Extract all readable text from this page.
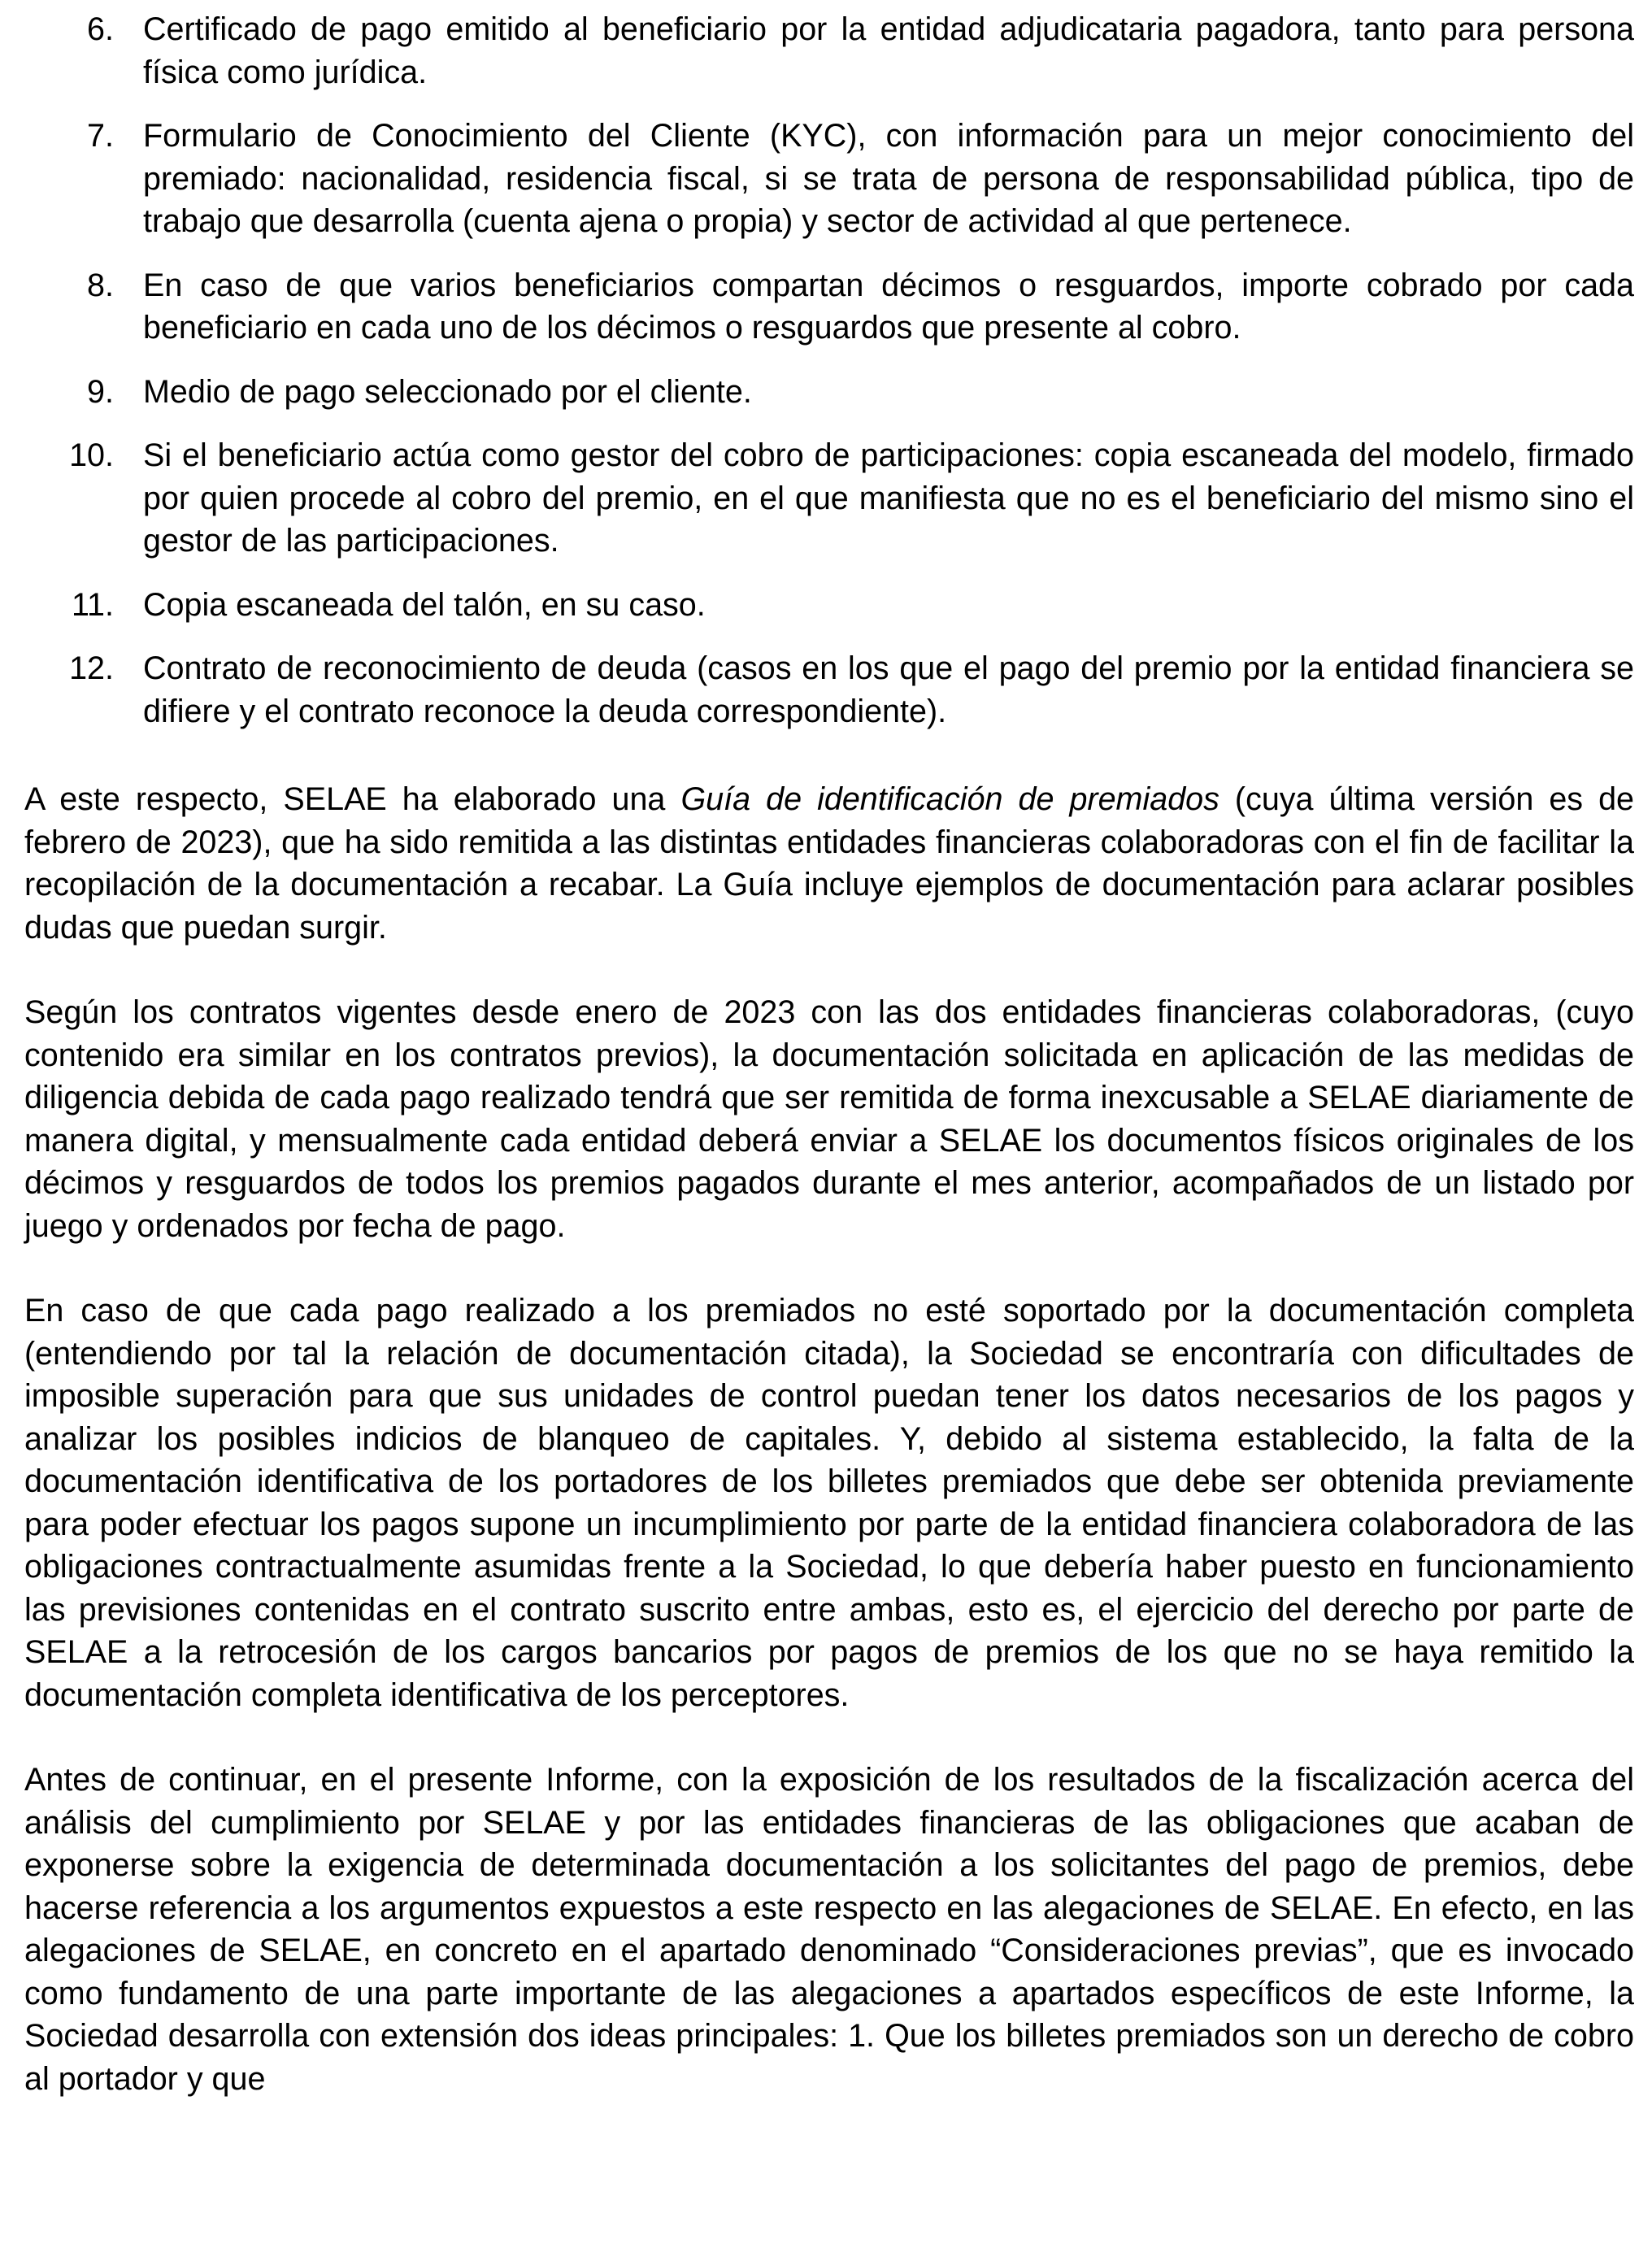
6. Certificado de pago emitido al beneficiario por la entidad adjudicataria pagadora, tanto para persona física como jurídica.
7. Formulario de Conocimiento del Cliente (KYC), con información para un mejor conocimiento del premiado: nacionalidad, residencia fiscal, si se trata de persona de responsabilidad pública, tipo de trabajo que desarrolla (cuenta ajena o propia) y sector de actividad al que pertenece.
8. En caso de que varios beneficiarios compartan décimos o resguardos, importe cobrado por cada beneficiario en cada uno de los décimos o resguardos que presente al cobro.
9. Medio de pago seleccionado por el cliente.
10. Si el beneficiario actúa como gestor del cobro de participaciones: copia escaneada del modelo, firmado por quien procede al cobro del premio, en el que manifiesta que no es el beneficiario del mismo sino el gestor de las participaciones.
11. Copia escaneada del talón, en su caso.
12. Contrato de reconocimiento de deuda (casos en los que el pago del premio por la entidad financiera se difiere y el contrato reconoce la deuda correspondiente).

A este respecto, SELAE ha elaborado una Guía de identificación de premiados (cuya última versión es de febrero de 2023), que ha sido remitida a las distintas entidades financieras colaboradoras con el fin de facilitar la recopilación de la documentación a recabar. La Guía incluye ejemplos de documentación para aclarar posibles dudas que puedan surgir.

Según los contratos vigentes desde enero de 2023 con las dos entidades financieras colaboradoras, (cuyo contenido era similar en los contratos previos), la documentación solicitada en aplicación de las medidas de diligencia debida de cada pago realizado tendrá que ser remitida de forma inexcusable a SELAE diariamente de manera digital, y mensualmente cada entidad deberá enviar a SELAE los documentos físicos originales de los décimos y resguardos de todos los premios pagados durante el mes anterior, acompañados de un listado por juego y ordenados por fecha de pago.

En caso de que cada pago realizado a los premiados no esté soportado por la documentación completa (entendiendo por tal la relación de documentación citada), la Sociedad se encontraría con dificultades de imposible superación para que sus unidades de control puedan tener los datos necesarios de los pagos y analizar los posibles indicios de blanqueo de capitales. Y, debido al sistema establecido, la falta de la documentación identificativa de los portadores de los billetes premiados que debe ser obtenida previamente para poder efectuar los pagos supone un incumplimiento por parte de la entidad financiera colaboradora de las obligaciones contractualmente asumidas frente a la Sociedad, lo que debería haber puesto en funcionamiento las previsiones contenidas en el contrato suscrito entre ambas, esto es, el ejercicio del derecho por parte de SELAE a la retrocesión de los cargos bancarios por pagos de premios de los que no se haya remitido la documentación completa identificativa de los perceptores.

Antes de continuar, en el presente Informe, con la exposición de los resultados de la fiscalización acerca del análisis del cumplimiento por SELAE y por las entidades financieras de las obligaciones que acaban de exponerse sobre la exigencia de determinada documentación a los solicitantes del pago de premios, debe hacerse referencia a los argumentos expuestos a este respecto en las alegaciones de SELAE. En efecto, en las alegaciones de SELAE, en concreto en el apartado denominado “Consideraciones previas”, que es invocado como fundamento de una parte importante de las alegaciones a apartados específicos de este Informe, la Sociedad desarrolla con extensión dos ideas principales: 1. Que los billetes premiados son un derecho de cobro al portador y que
